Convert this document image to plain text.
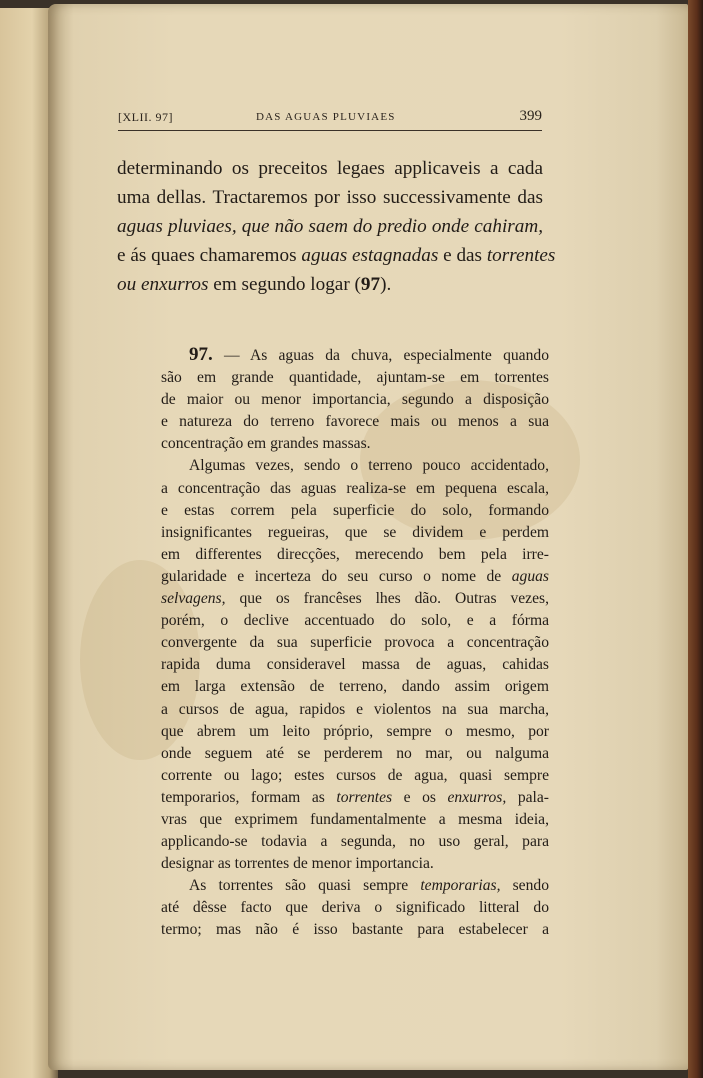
[XLII. 97]	DAS AGUAS PLUVIAES	399
determinando os preceitos legaes applicaveis a cada
uma dellas. Tractaremos por isso successivamente das
aguas pluviaes, que não saem do predio onde cahiram,
e ás quaes chamaremos aguas estagnadas e das torrentes
ou enxurros em segundo logar (97).
97. — As aguas da chuva, especialmente quando
são em grande quantidade, ajuntam-se em torrentes
de maior ou menor importancia, segundo a disposição
e natureza do terreno favorece mais ou menos a sua
concentração em grandes massas.
Algumas vezes, sendo o terreno pouco accidentado,
a concentração das aguas realiza-se em pequena escala,
e estas correm pela superficie do solo, formando
insignificantes regueiras, que se dividem e perdem
em differentes direcções, merecendo bem pela irre-
gularidade e incerteza do seu curso o nome de aguas
selvagens, que os francêses lhes dão. Outras vezes,
porém, o declive accentuado do solo, e a fórma
convergente da sua superficie provoca a concentração
rapida duma consideravel massa de aguas, cahidas
em larga extensão de terreno, dando assim origem
a cursos de agua, rapidos e violentos na sua marcha,
que abrem um leito próprio, sempre o mesmo, por
onde seguem até se perderem no mar, ou nalguma
corrente ou lago; estes cursos de agua, quasi sempre
temporarios, formam as torrentes e os enxurros, pala-
vras que exprimem fundamentalmente a mesma ideia,
applicando-se todavia a segunda, no uso geral, para
designar as torrentes de menor importancia.
As torrentes são quasi sempre temporarias, sendo
até dêsse facto que deriva o significado litteral do
termo; mas não é isso bastante para estabelecer a
